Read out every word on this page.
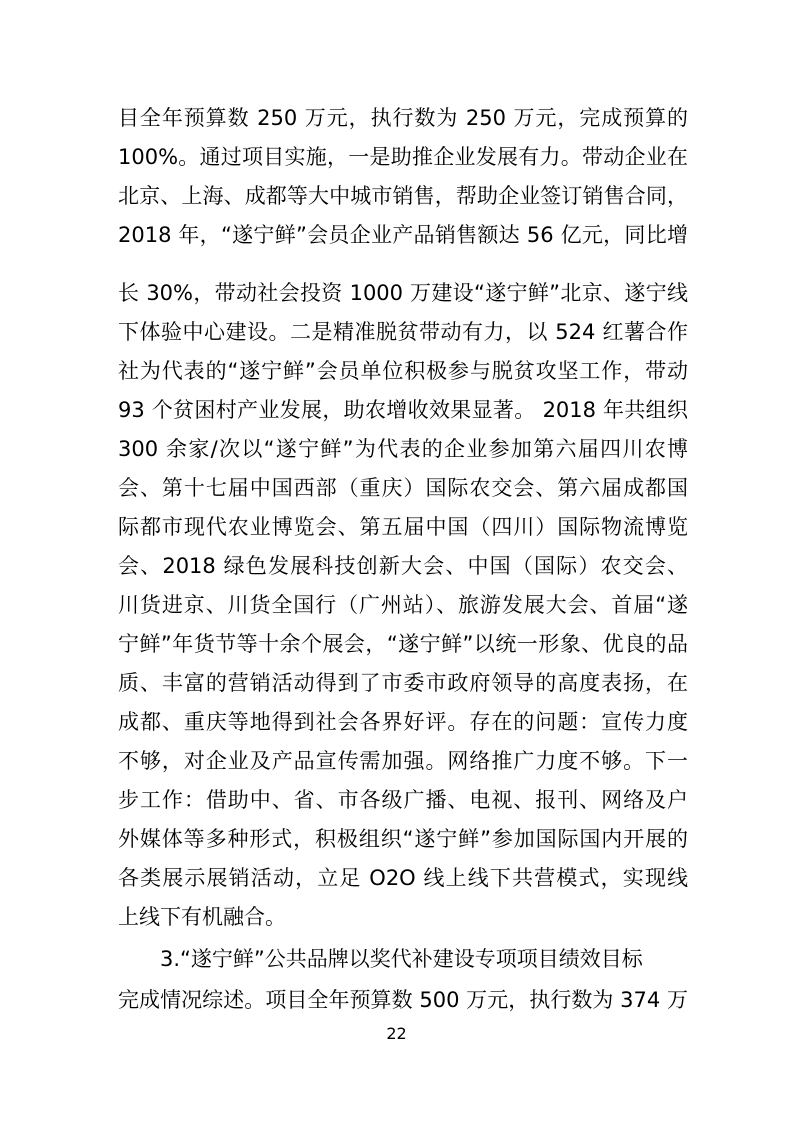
目全年预算数 250 万元，执行数为 250 万元，完成预算的
100%。通过项目实施，一是助推企业发展有力。带动企业在
北京、上海、成都等大中城市销售，帮助企业签订销售合同，
2018 年，“遂宁鲜”会员企业产品销售额达 56 亿元，同比增
长 30%，带动社会投资 1000 万建设“遂宁鲜”北京、遂宁线
下体验中心建设。二是精准脱贫带动有力，以 524 红薯合作
社为代表的“遂宁鲜”会员单位积极参与脱贫攻坚工作，带动
93 个贫困村产业发展，助农增收效果显著。 2018 年共组织
300 余家/次以“遂宁鲜”为代表的企业参加第六届四川农博
会、第十七届中国西部（重庆）国际农交会、第六届成都国
际都市现代农业博览会、第五届中国（四川）国际物流博览
会、2018 绿色发展科技创新大会、中国（国际）农交会、
川货进京、川货全国行（广州站）、旅游发展大会、首届“遂
宁鲜”年货节等十余个展会，“遂宁鲜”以统一形象、优良的品
质、丰富的营销活动得到了市委市政府领导的高度表扬，在
成都、重庆等地得到社会各界好评。存在的问题：宣传力度
不够，对企业及产品宣传需加强。网络推广力度不够。下一
步工作：借助中、省、市各级广播、电视、报刊、网络及户
外媒体等多种形式，积极组织“遂宁鲜”参加国际国内开展的
各类展示展销活动，立足 O2O 线上线下共营模式，实现线
上线下有机融合。
3.“遂宁鲜”公共品牌以奖代补建设专项项目绩效目标
完成情况综述。项目全年预算数 500 万元，执行数为 374 万
22
